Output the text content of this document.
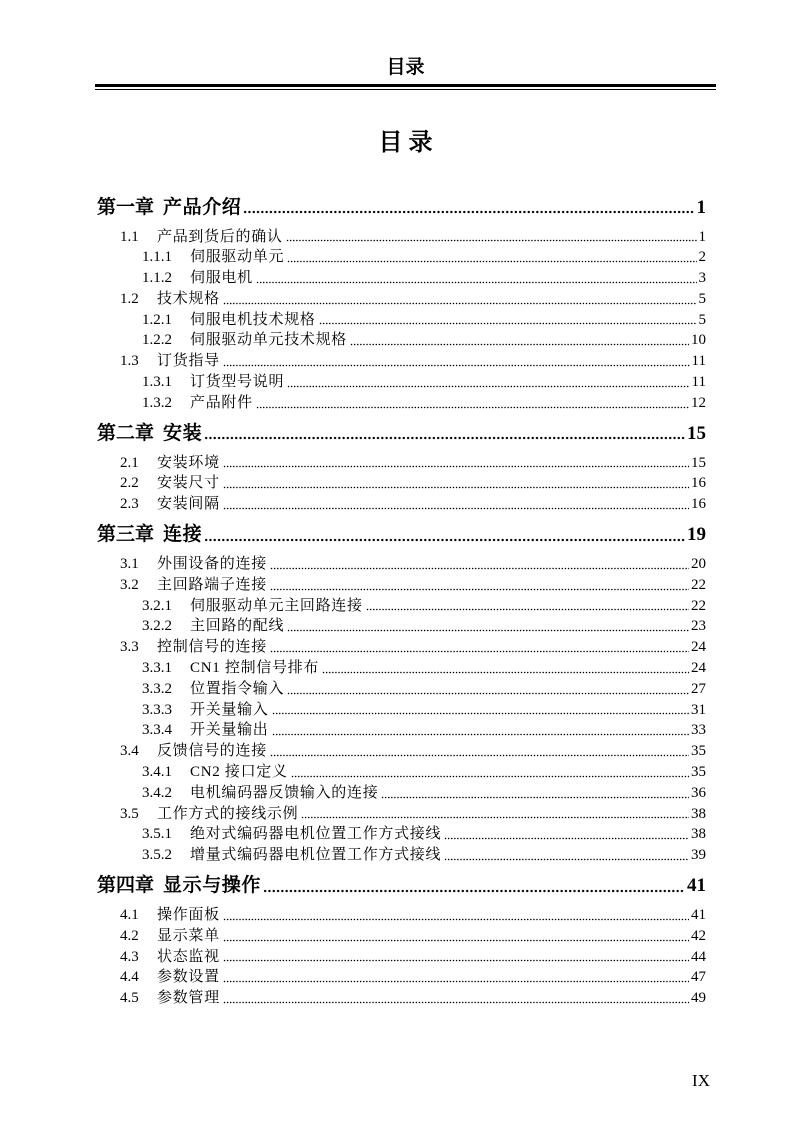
目录
目 录
第一章 产品介绍	1
1.1	产品到货后的确认	1
1.1.1	伺服驱动单元	2
1.1.2	伺服电机	3
1.2	技术规格	5
1.2.1	伺服电机技术规格	5
1.2.2	伺服驱动单元技术规格	10
1.3	订货指导	11
1.3.1	订货型号说明	11
1.3.2	产品附件	12
第二章 安装	15
2.1	安装环境	15
2.2	安装尺寸	16
2.3	安装间隔	16
第三章 连接	19
3.1	外围设备的连接	20
3.2	主回路端子连接	22
3.2.1	伺服驱动单元主回路连接	22
3.2.2	主回路的配线	23
3.3	控制信号的连接	24
3.3.1	CN1 控制信号排布	24
3.3.2	位置指令输入	27
3.3.3	开关量输入	31
3.3.4	开关量输出	33
3.4	反馈信号的连接	35
3.4.1	CN2 接口定义	35
3.4.2	电机编码器反馈输入的连接	36
3.5	工作方式的接线示例	38
3.5.1	绝对式编码器电机位置工作方式接线	38
3.5.2	增量式编码器电机位置工作方式接线	39
第四章 显示与操作	41
4.1	操作面板	41
4.2	显示菜单	42
4.3	状态监视	44
4.4	参数设置	47
4.5	参数管理	49
IX
